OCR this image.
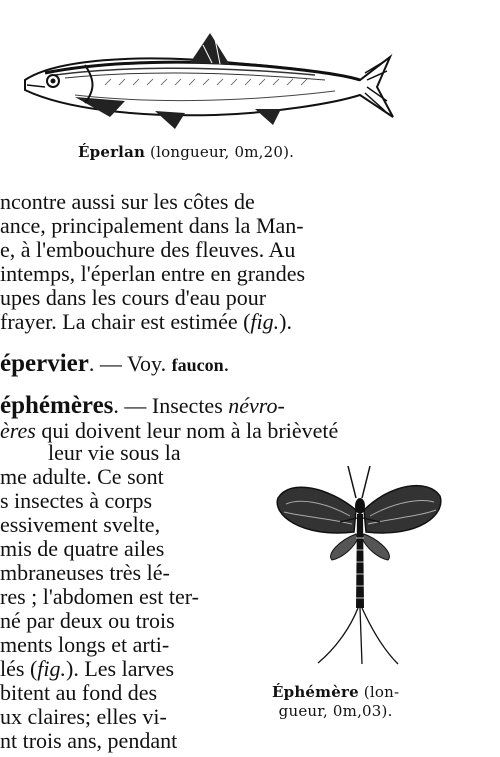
Éperlan (longueur, 0m,20).
ncontre aussi sur les côtes de
ance, principalement dans la Man-
e, à l'embouchure des fleuves. Au
intemps, l'éperlan entre en grandes
upes dans les cours d'eau pour
frayer. La chair est estimée (fig.).
épervier. — Voy. faucon.
éphémères. — Insectes névro-
ères qui doivent leur nom à la brièveté
leur vie sous la
me adulte. Ce sont
s insectes à corps
essivement svelte,
mis de quatre ailes
mbraneuses très lé-
res ; l'abdomen est ter-
né par deux ou trois
ments longs et arti-
lés (fig.). Les larves
bitent au fond des
ux claires; elles vi-
nt trois ans, pendant
Éphémère (lon-
gueur, 0m,03).
